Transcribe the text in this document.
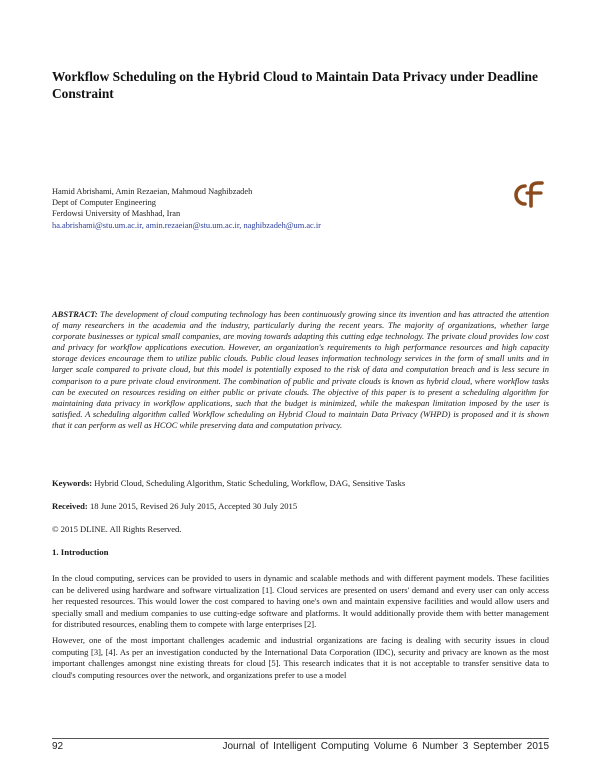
Workflow Scheduling on the Hybrid Cloud to Maintain Data Privacy under Deadline Constraint
Hamid Abrishami, Amin Rezaeian, Mahmoud Naghibzadeh
Dept of Computer Engineering
Ferdowsi University of Mashhad, Iran
ha.abrishami@stu.um.ac.ir, amin.rezaeian@stu.um.ac.ir, naghibzadeh@um.ac.ir
ABSTRACT: The development of cloud computing technology has been continuously growing since its invention and has attracted the attention of many researchers in the academia and the industry, particularly during the recent years. The majority of organizations, whether large corporate businesses or typical small companies, are moving towards adapting this cutting edge technology. The private cloud provides low cost and privacy for workflow applications execution. However, an organization's requirements to high performance resources and high capacity storage devices encourage them to utilize public clouds. Public cloud leases information technology services in the form of small units and in larger scale compared to private cloud, but this model is potentially exposed to the risk of data and computation breach and is less secure in comparison to a pure private cloud environment. The combination of public and private clouds is known as hybrid cloud, where workflow tasks can be executed on resources residing on either public or private clouds. The objective of this paper is to present a scheduling algorithm for maintaining data privacy in workflow applications, such that the budget is minimized, while the makespan limitation imposed by the user is satisfied. A scheduling algorithm called Workflow scheduling on Hybrid Cloud to maintain Data Privacy (WHPD) is proposed and it is shown that it can perform as well as HCOC while preserving data and computation privacy.
Keywords: Hybrid Cloud, Scheduling Algorithm, Static Scheduling, Workflow, DAG, Sensitive Tasks
Received: 18 June 2015, Revised 26 July 2015, Accepted 30 July 2015
© 2015 DLINE. All Rights Reserved.
1. Introduction
In the cloud computing, services can be provided to users in dynamic and scalable methods and with different payment models. These facilities can be delivered using hardware and software virtualization [1]. Cloud services are presented on users' demand and every user can only access her requested resources. This would lower the cost compared to having one's own and maintain expensive facilities and would allow users and specially small and medium companies to use cutting-edge software and platforms. It would additionally provide them with better management for distributed resources, enabling them to compete with large enterprises [2].
However, one of the most important challenges academic and industrial organizations are facing is dealing with security issues in cloud computing [3], [4]. As per an investigation conducted by the International Data Corporation (IDC), security and privacy are known as the most important challenges amongst nine existing threats for cloud [5]. This research indicates that it is not acceptable to transfer sensitive data to cloud's computing resources over the network, and organizations prefer to use a model
92	Journal of Intelligent Computing Volume 6 Number 3 September 2015
